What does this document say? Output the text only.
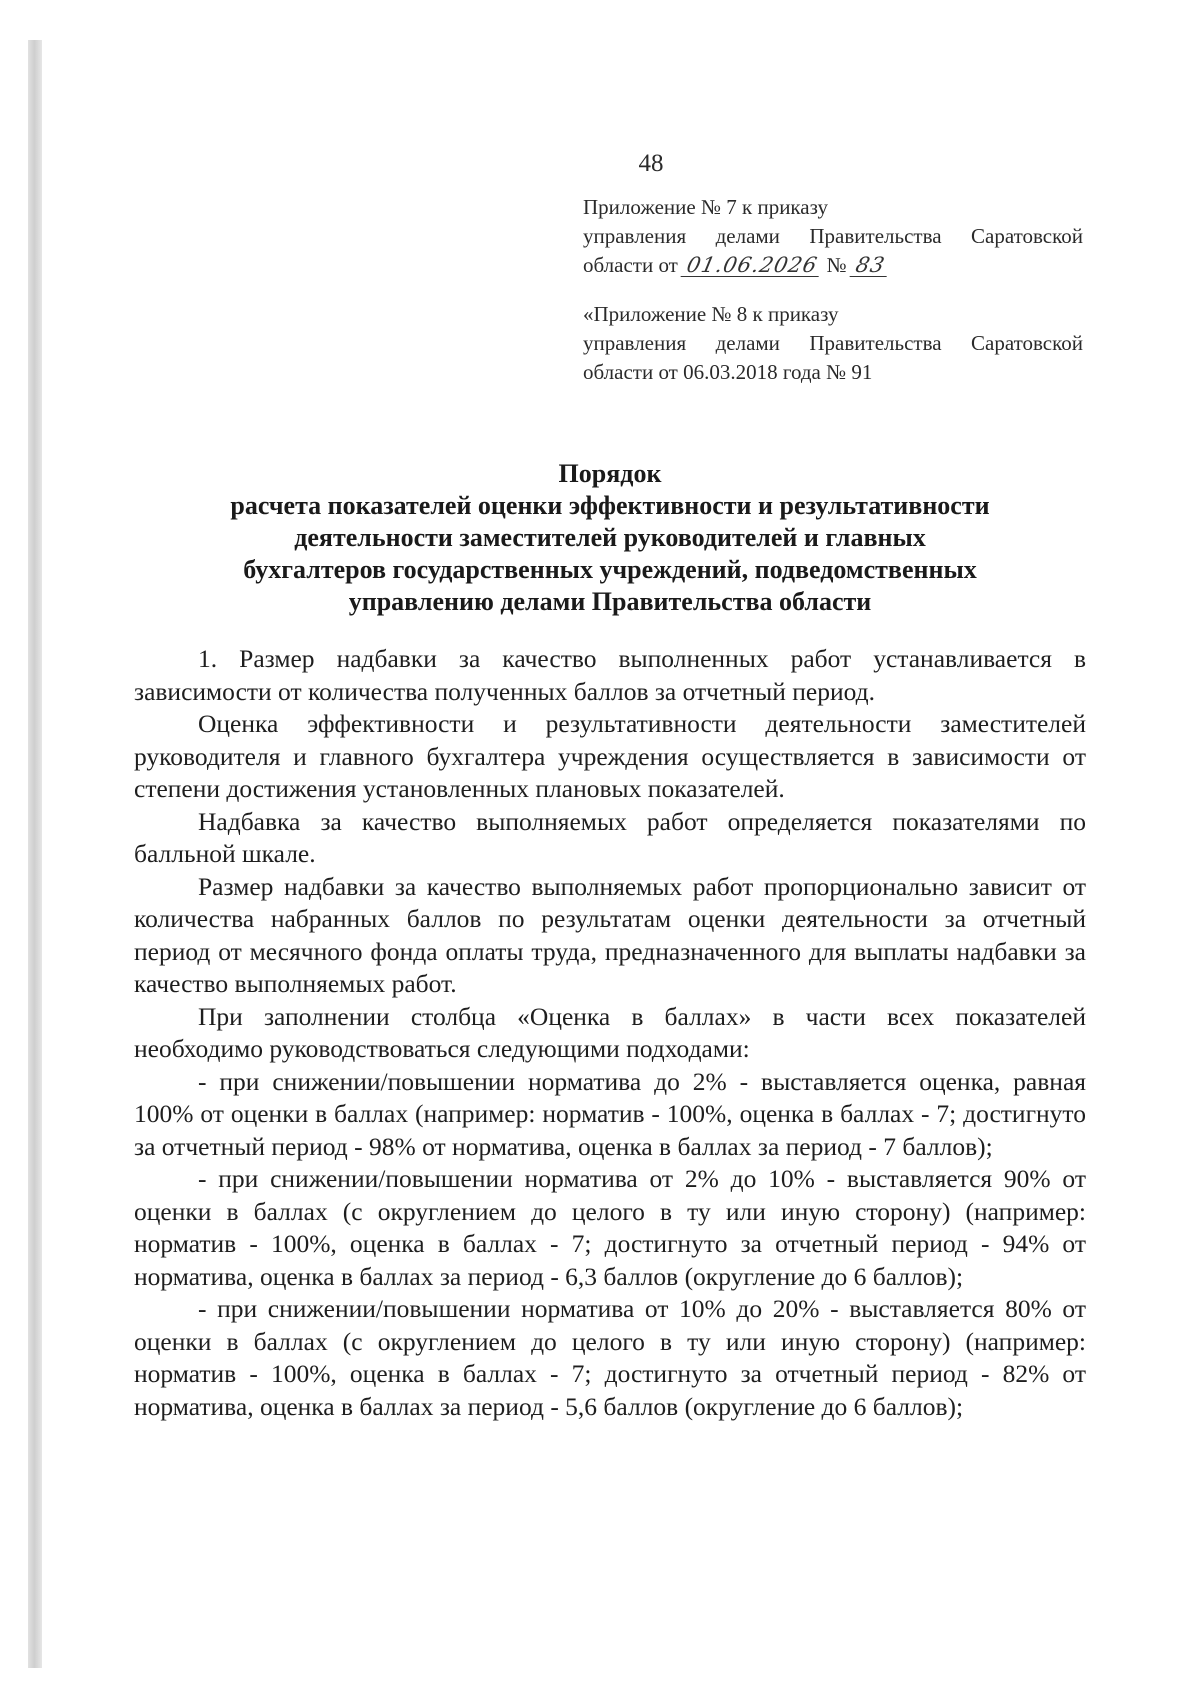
48
Приложение № 7 к приказу
управления делами Правительства Саратовской
области от 01.06.2026 № 83
«Приложение № 8 к приказу
управления делами Правительства Саратовской
области от 06.03.2018 года № 91
Порядок
расчета показателей оценки эффективности и результативности
деятельности заместителей руководителей и главных
бухгалтеров государственных учреждений, подведомственных
управлению делами Правительства области

1. Размер надбавки за качество выполненных работ устанавливается в зависимости от количества полученных баллов за отчетный период.

Оценка эффективности и результативности деятельности заместителей руководителя и главного бухгалтера учреждения осуществляется в зависимости от степени достижения установленных плановых показателей.

Надбавка за качество выполняемых работ определяется показателями по балльной шкале.

Размер надбавки за качество выполняемых работ пропорционально зависит от количества набранных баллов по результатам оценки деятельности за отчетный период от месячного фонда оплаты труда, предназначенного для выплаты надбавки за качество выполняемых работ.

При заполнении столбца «Оценка в баллах» в части всех показателей необходимо руководствоваться следующими подходами:

- при снижении/повышении норматива до 2% - выставляется оценка, равная 100% от оценки в баллах (например: норматив - 100%, оценка в баллах - 7; достигнуто за отчетный период - 98% от норматива, оценка в баллах за период - 7 баллов);

- при снижении/повышении норматива от 2% до 10% - выставляется 90% от оценки в баллах (с округлением до целого в ту или иную сторону) (например: норматив - 100%, оценка в баллах - 7; достигнуто за отчетный период - 94% от норматива, оценка в баллах за период - 6,3 баллов (округление до 6 баллов);

- при снижении/повышении норматива от 10% до 20% - выставляется 80% от оценки в баллах (с округлением до целого в ту или иную сторону) (например: норматив - 100%, оценка в баллах - 7; достигнуто за отчетный период - 82% от норматива, оценка в баллах за период - 5,6 баллов (округление до 6 баллов);
